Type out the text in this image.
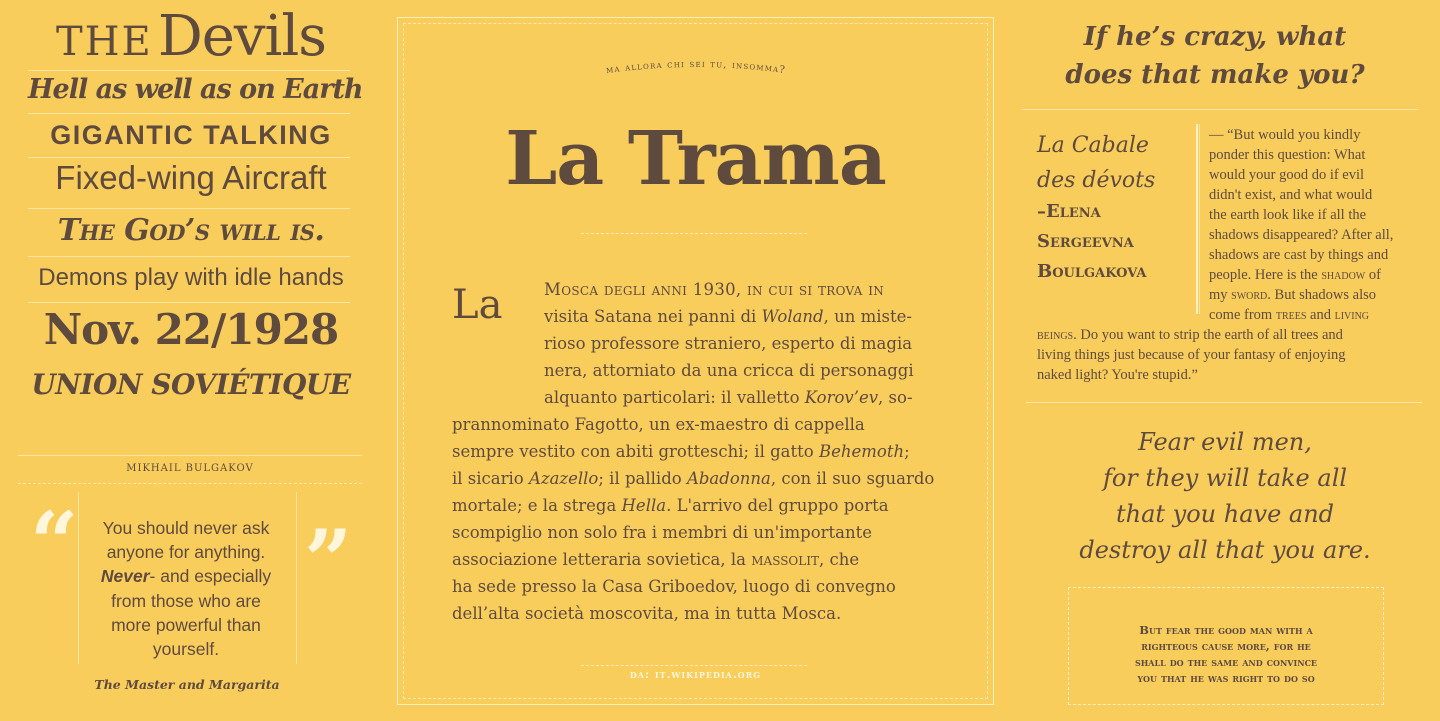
THE Devils
Hell as well as on Earth
GIGANTIC TALKING
Fixed-wing Aircraft
The God’s will is.
Demons play with idle hands
Nov. 22/1928
UNION SOVIÉTIQUE
MIKHAIL BULGAKOV
“	”
You should never ask
anyone for anything.
Never- and especially
from those who are
more powerful than
yourself.
The Master and Margarita
ma allora chi sei tu, insomma?
La Trama
La	Mosca degli anni 1930, in cui si trova in
visita Satana nei panni di Woland, un miste-
rioso professore straniero, esperto di magia
nera, attorniato da una cricca di personaggi
alquanto particolari: il valletto Korov’ev, so-
prannominato Fagotto, un ex-maestro di cappella
sempre vestito con abiti grotteschi; il gatto Behemoth;
il sicario Azazello; il pallido Abadonna, con il suo sguardo
mortale; e la strega Hella. L'arrivo del gruppo porta
scompiglio non solo fra i membri di un'importante
associazione letteraria sovietica, la massolit, che
ha sede presso la Casa Griboedov, luogo di convegno
dell’alta società moscovita, ma in tutta Mosca.
da: it.wikipedia.org
If he’s crazy, what
does that make you?
La Cabale
des dévots
–Elena
Sergeevna
Boulgakova
— “But would you kindly
ponder this question: What
would your good do if evil
didn't exist, and what would
the earth look like if all the
shadows disappeared? After all,
shadows are cast by things and
people. Here is the shadow of
my sword. But shadows also
come from trees and living
beings. Do you want to strip the earth of all trees and
living things just because of your fantasy of enjoying
naked light? You're stupid.”
Fear evil men,
for they will take all
that you have and
destroy all that you are.
But fear the good man with a
righteous cause more, for he
shall do the same and convince
you that he was right to do so
